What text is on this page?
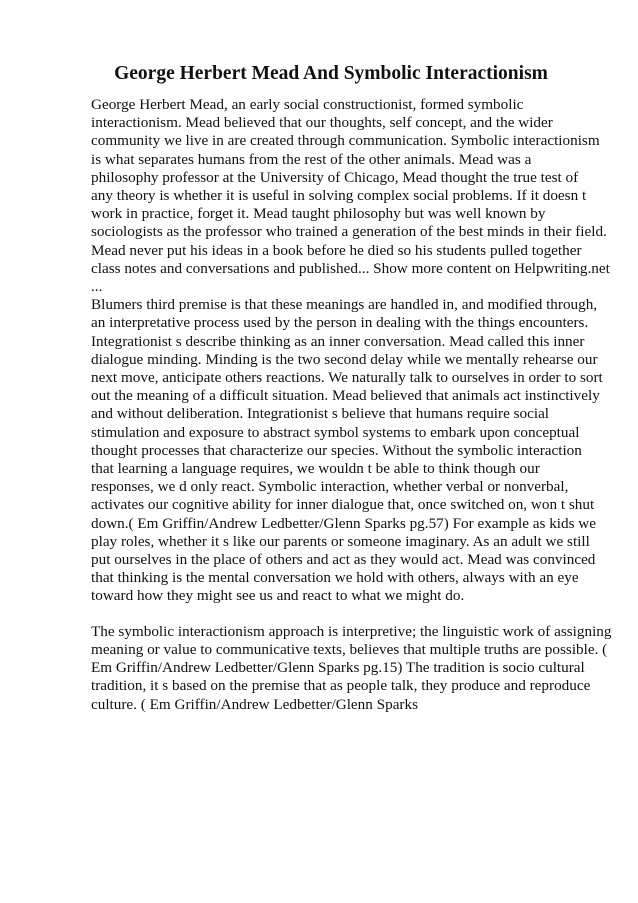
George Herbert Mead And Symbolic Interactionism
George Herbert Mead, an early social constructionist, formed symbolic
interactionism. Mead believed that our thoughts, self concept, and the wider
community we live in are created through communication. Symbolic interactionism
is what separates humans from the rest of the other animals. Mead was a
philosophy professor at the University of Chicago, Mead thought the true test of
any theory is whether it is useful in solving complex social problems. If it doesn t
work in practice, forget it. Mead taught philosophy but was well known by
sociologists as the professor who trained a generation of the best minds in their field.
Mead never put his ideas in a book before he died so his students pulled together
class notes and conversations and published... Show more content on Helpwriting.net
...
Blumers third premise is that these meanings are handled in, and modified through,
an interpretative process used by the person in dealing with the things encounters.
Integrationist s describe thinking as an inner conversation. Mead called this inner
dialogue minding. Minding is the two second delay while we mentally rehearse our
next move, anticipate others reactions. We naturally talk to ourselves in order to sort
out the meaning of a difficult situation. Mead believed that animals act instinctively
and without deliberation. Integrationist s believe that humans require social
stimulation and exposure to abstract symbol systems to embark upon conceptual
thought processes that characterize our species. Without the symbolic interaction
that learning a language requires, we wouldn t be able to think though our
responses, we d only react. Symbolic interaction, whether verbal or nonverbal,
activates our cognitive ability for inner dialogue that, once switched on, won t shut
down.( Em Griffin/Andrew Ledbetter/Glenn Sparks pg.57) For example as kids we
play roles, whether it s like our parents or someone imaginary. As an adult we still
put ourselves in the place of others and act as they would act. Mead was convinced
that thinking is the mental conversation we hold with others, always with an eye
toward how they might see us and react to what we might do.
The symbolic interactionism approach is interpretive; the linguistic work of assigning
meaning or value to communicative texts, believes that multiple truths are possible. (
Em Griffin/Andrew Ledbetter/Glenn Sparks pg.15) The tradition is socio cultural
tradition, it s based on the premise that as people talk, they produce and reproduce
culture. ( Em Griffin/Andrew Ledbetter/Glenn Sparks
